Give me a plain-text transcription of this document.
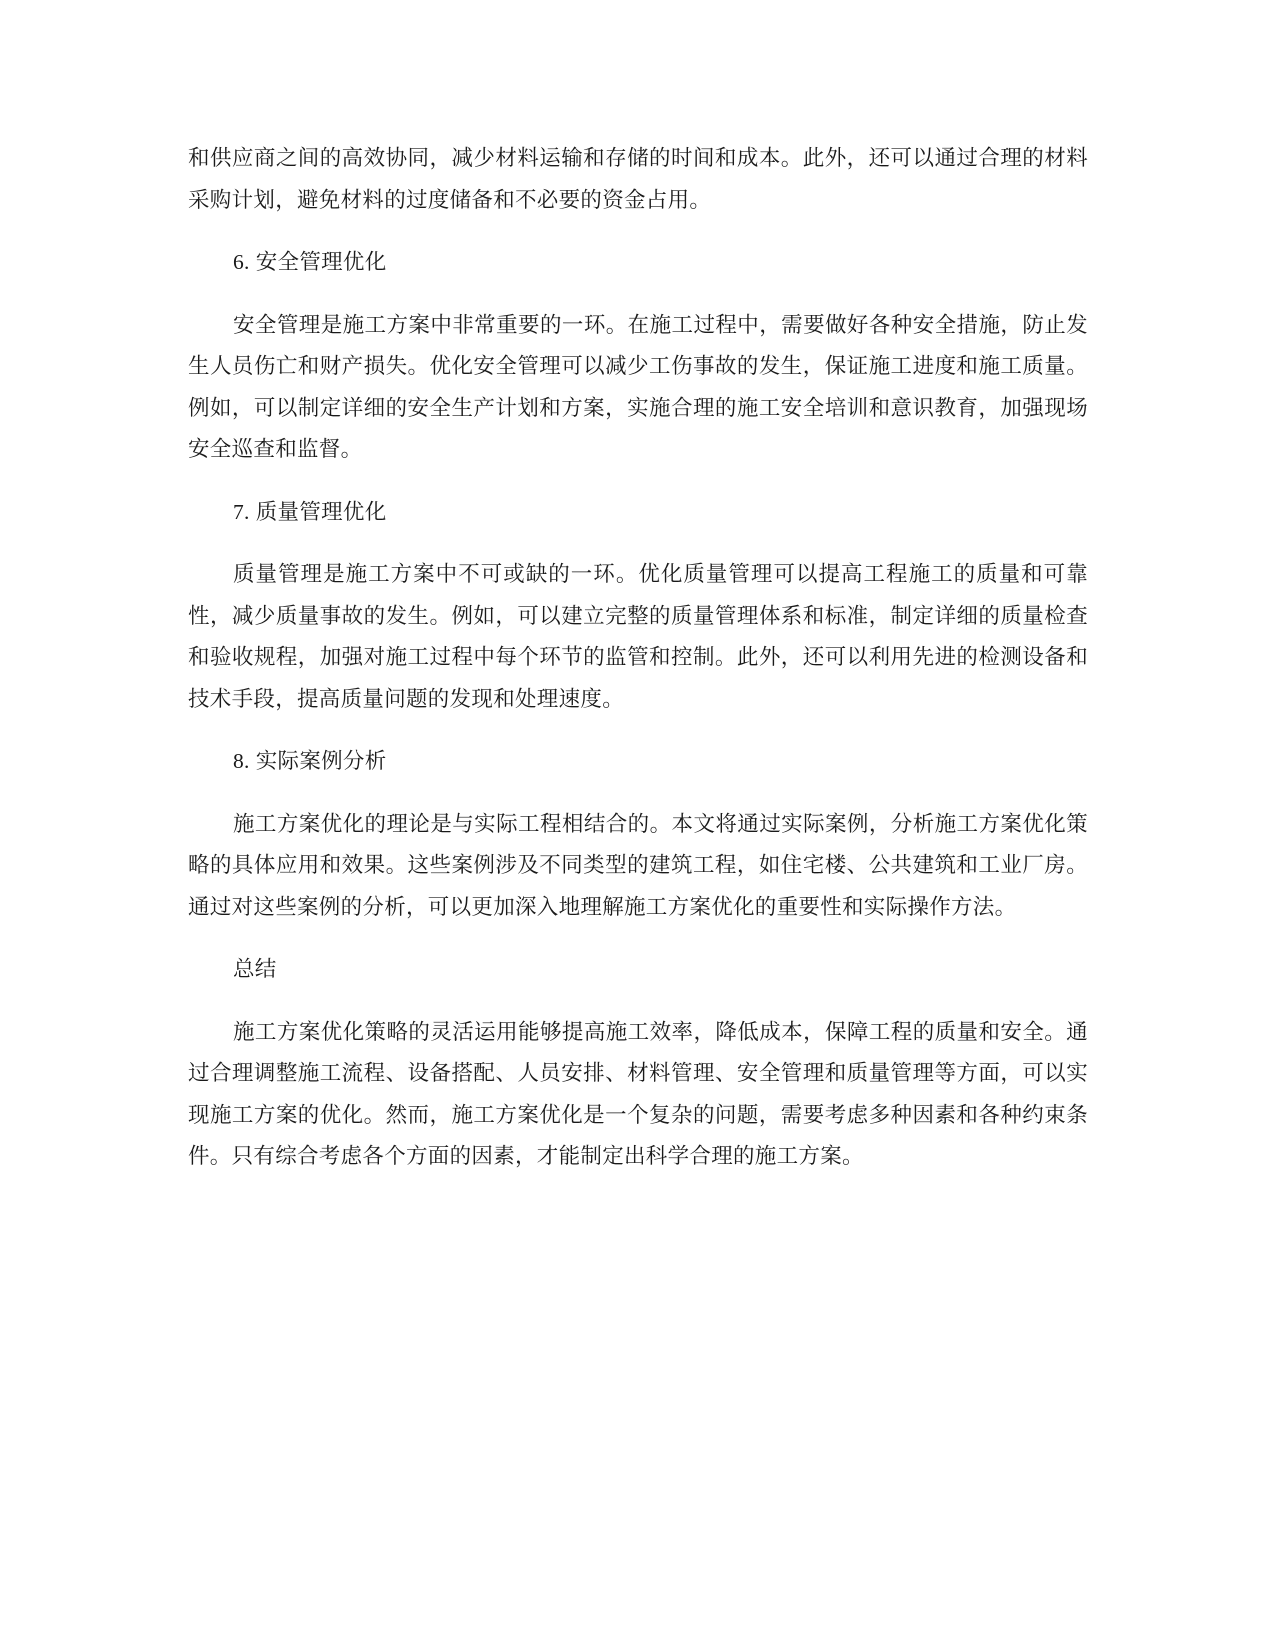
和供应商之间的高效协同，减少材料运输和存储的时间和成本。此外，还可以通过合理的材料采购计划，避免材料的过度储备和不必要的资金占用。

6. 安全管理优化

安全管理是施工方案中非常重要的一环。在施工过程中，需要做好各种安全措施，防止发生人员伤亡和财产损失。优化安全管理可以减少工伤事故的发生，保证施工进度和施工质量。例如，可以制定详细的安全生产计划和方案，实施合理的施工安全培训和意识教育，加强现场安全巡查和监督。

7. 质量管理优化

质量管理是施工方案中不可或缺的一环。优化质量管理可以提高工程施工的质量和可靠性，减少质量事故的发生。例如，可以建立完整的质量管理体系和标准，制定详细的质量检查和验收规程，加强对施工过程中每个环节的监管和控制。此外，还可以利用先进的检测设备和技术手段，提高质量问题的发现和处理速度。

8. 实际案例分析

施工方案优化的理论是与实际工程相结合的。本文将通过实际案例，分析施工方案优化策略的具体应用和效果。这些案例涉及不同类型的建筑工程，如住宅楼、公共建筑和工业厂房。通过对这些案例的分析，可以更加深入地理解施工方案优化的重要性和实际操作方法。

总结

施工方案优化策略的灵活运用能够提高施工效率，降低成本，保障工程的质量和安全。通过合理调整施工流程、设备搭配、人员安排、材料管理、安全管理和质量管理等方面，可以实现施工方案的优化。然而，施工方案优化是一个复杂的问题，需要考虑多种因素和各种约束条件。只有综合考虑各个方面的因素，才能制定出科学合理的施工方案。
